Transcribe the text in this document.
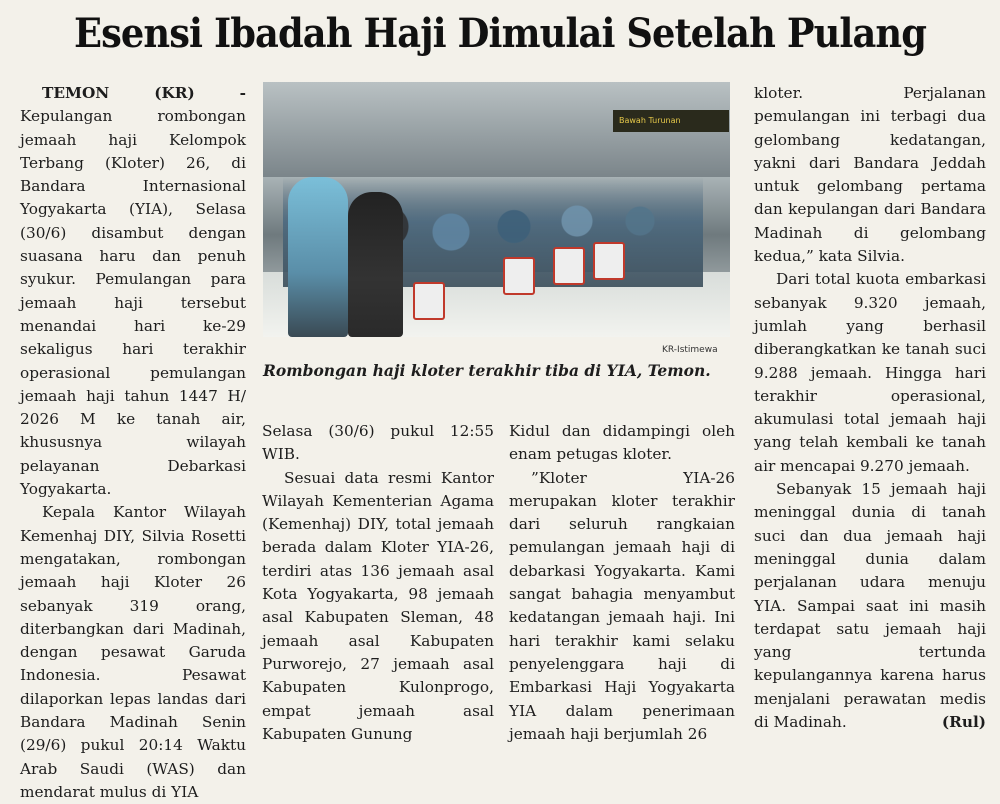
Esensi Ibadah Haji Dimulai Setelah Pulang

TEMON (KR) - Kepulangan rombongan jemaah haji Kelompok Terbang (Kloter) 26, di Bandara Internasional Yogyakarta (YIA), Selasa (30/6) disambut dengan suasana haru dan penuh syukur. Pemulangan para jemaah haji tersebut menandai hari ke-29 sekaligus hari terakhir operasional pemulangan jemaah haji tahun 1447 H/ 2026 M ke tanah air, khususnya wilayah pelayanan Debarkasi Yogyakarta.

Kepala Kantor Wilayah Kemenhaj DIY, Silvia Rosetti mengatakan, rombongan jemaah haji Kloter 26 sebanyak 319 orang, diterbangkan dari Madinah, dengan pesawat Garuda Indonesia. Pesawat dilaporkan lepas landas dari Bandara Madinah Senin (29/6) pukul 20:14 Waktu Arab Saudi (WAS) dan mendarat mulus di YIA

Bawah Turunan
KR-Istimewa
Rombongan haji kloter terakhir tiba di YIA, Temon.

Selasa (30/6) pukul 12:55 WIB.

Sesuai data resmi Kantor Wilayah Kementerian Agama (Kemenhaj) DIY, total jemaah berada dalam Kloter YIA-26, terdiri atas 136 jemaah asal Kota Yogyakarta, 98 jemaah asal Kabupaten Sleman, 48 jemaah asal Kabupaten Purworejo, 27 jemaah asal Kabupaten Kulonprogo, empat jemaah asal Kabupaten Gunung

Kidul dan didampingi oleh enam petugas kloter.

”Kloter YIA-26 merupakan kloter terakhir dari seluruh rangkaian pemulangan jemaah haji di debarkasi Yogyakarta. Kami sangat bahagia menyambut kedatangan jemaah haji. Ini hari terakhir kami selaku penyelenggara haji di Embarkasi Haji Yogyakarta YIA dalam penerimaan jemaah haji berjumlah 26

kloter. Perjalanan pemulangan ini terbagi dua gelombang kedatangan, yakni dari Bandara Jeddah untuk gelombang pertama dan kepulangan dari Bandara Madinah di gelombang kedua,” kata Silvia.

Dari total kuota embarkasi sebanyak 9.320 jemaah, jumlah yang berhasil diberangkatkan ke tanah suci 9.288 jemaah. Hingga hari terakhir operasional, akumulasi total jemaah haji yang telah kembali ke tanah air mencapai 9.270 jemaah.

Sebanyak 15 jemaah haji meninggal dunia di tanah suci dan dua jemaah haji meninggal dunia dalam perjalanan udara menuju YIA. Sampai saat ini masih terdapat satu jemaah haji yang tertunda kepulangannya karena harus menjalani perawatan medis di Madinah.	(Rul)
